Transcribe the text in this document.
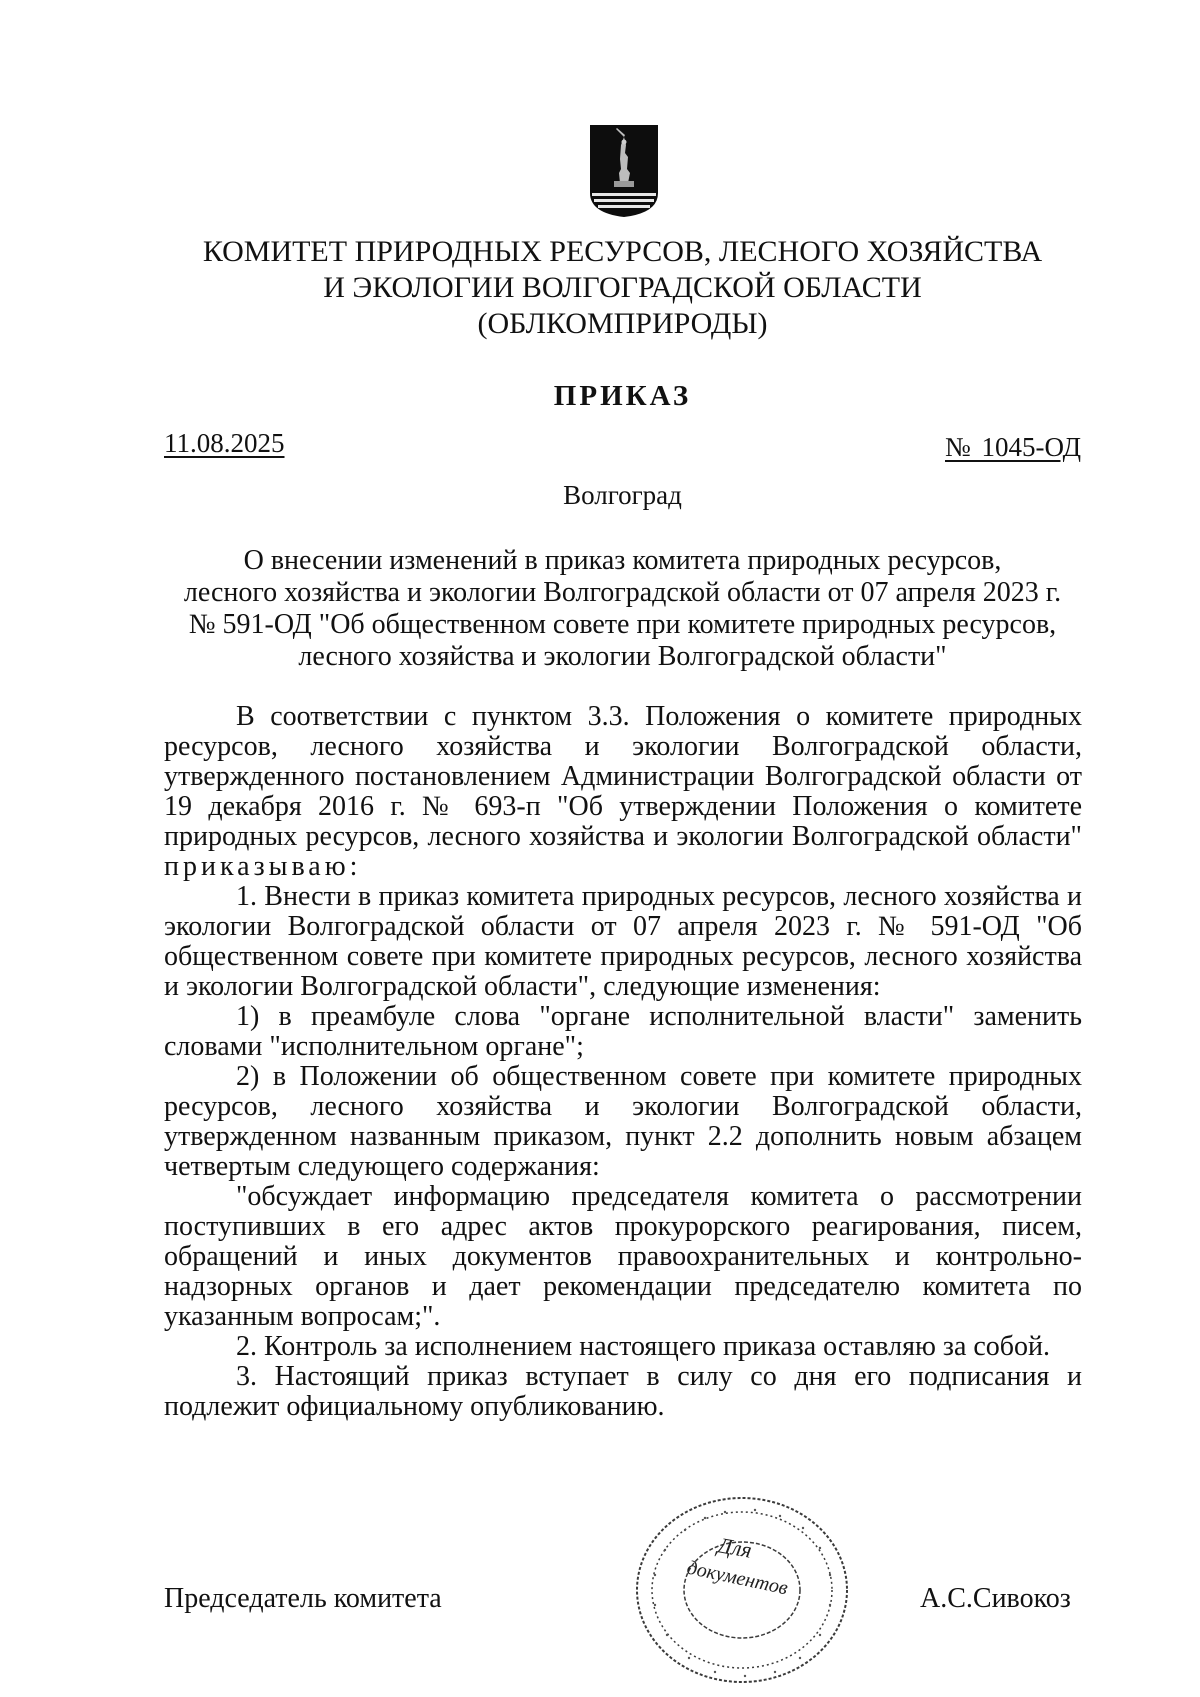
КОМИТЕТ ПРИРОДНЫХ РЕСУРСОВ, ЛЕСНОГО ХОЗЯЙСТВА
И ЭКОЛОГИИ ВОЛГОГРАДСКОЙ ОБЛАСТИ
(ОБЛКОМПРИРОДЫ)
ПРИКАЗ
11.08.2025	№ 1045-ОД
Волгоград
О внесении изменений в приказ комитета природных ресурсов,
лесного хозяйства и экологии Волгоградской области от 07 апреля 2023 г.
№ 591-ОД "Об общественном совете при комитете природных ресурсов,
лесного хозяйства и экологии Волгоградской области"

В соответствии с пунктом 3.3. Положения о комитете природных ресурсов, лесного хозяйства и экологии Волгоградской области, утвержденного постановлением Администрации Волгоградской области от 19 декабря 2016 г. № 693-п "Об утверждении Положения о комитете природных ресурсов, лесного хозяйства и экологии Волгоградской области" приказываю:

1. Внести в приказ комитета природных ресурсов, лесного хозяйства и экологии Волгоградской области от 07 апреля 2023 г. № 591-ОД "Об общественном совете при комитете природных ресурсов, лесного хозяйства и экологии Волгоградской области", следующие изменения:

1) в преамбуле слова "органе исполнительной власти" заменить словами "исполнительном органе";

2) в Положении об общественном совете при комитете природных ресурсов, лесного хозяйства и экологии Волгоградской области, утвержденном названным приказом, пункт 2.2 дополнить новым абзацем четвертым следующего содержания:

"обсуждает информацию председателя комитета о рассмотрении поступивших в его адрес актов прокурорского реагирования, писем, обращений и иных документов правоохранительных и контрольно-надзорных органов и дает рекомендации председателю комитета по указанным вопросам;".

2. Контроль за исполнением настоящего приказа оставляю за собой.

3. Настоящий приказ вступает в силу со дня его подписания и подлежит официальному опубликованию.

Для
документов
Председатель комитета	А.С.Сивокоз
